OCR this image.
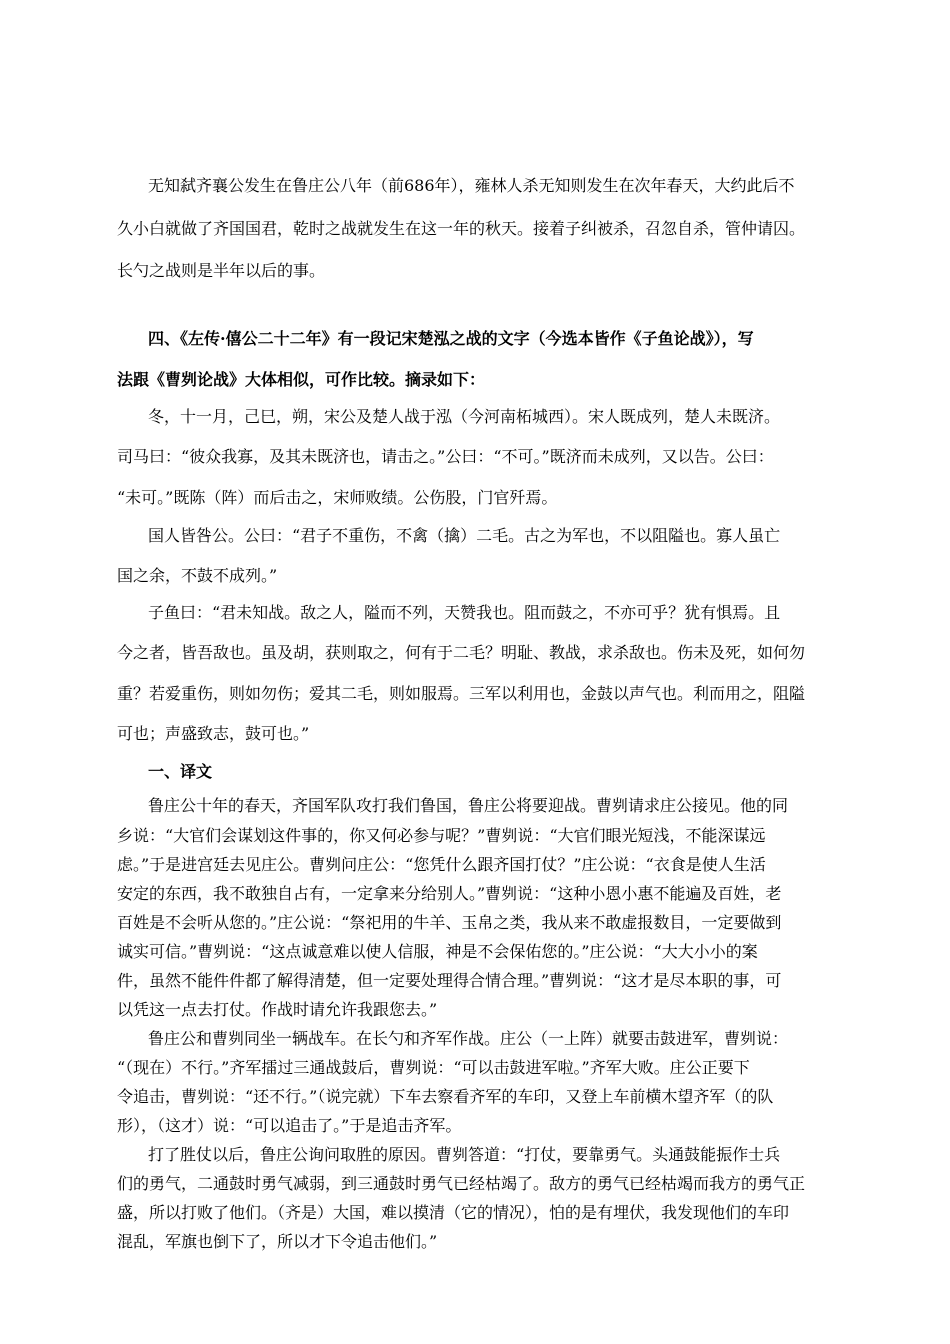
无知弑齐襄公发生在鲁庄公八年（前686年），雍林人杀无知则发生在次年春天，大约此后不

久小白就做了齐国国君，乾时之战就发生在这一年的秋天。接着子纠被杀，召忽自杀，管仲请囚。

长勺之战则是半年以后的事。

四、《左传·僖公二十二年》有一段记宋楚泓之战的文字（今选本皆作《子鱼论战》），写

法跟《曹刿论战》大体相似，可作比较。摘录如下：

冬，十一月，己巳，朔，宋公及楚人战于泓（今河南柘城西）。宋人既成列，楚人未既济。

司马曰：“彼众我寡，及其未既济也，请击之。”公曰：“不可。”既济而未成列，又以告。公曰：

“未可。”既陈（阵）而后击之，宋师败绩。公伤股，门官歼焉。

国人皆咎公。公曰：“君子不重伤，不禽（擒）二毛。古之为军也，不以阻隘也。寡人虽亡

国之余，不鼓不成列。”

子鱼曰：“君未知战。敌之人，隘而不列，天赞我也。阻而鼓之，不亦可乎？犹有惧焉。且

今之者，皆吾敌也。虽及胡，获则取之，何有于二毛？明耻、教战，求杀敌也。伤未及死，如何勿

重？若爱重伤，则如勿伤；爱其二毛，则如服焉。三军以利用也，金鼓以声气也。利而用之，阻隘

可也；声盛致志，鼓可也。”

一、译文

鲁庄公十年的春天，齐国军队攻打我们鲁国，鲁庄公将要迎战。曹刿请求庄公接见。他的同

乡说：“大官们会谋划这件事的，你又何必参与呢？”曹刿说：“大官们眼光短浅，不能深谋远

虑。”于是进宫廷去见庄公。曹刿问庄公：“您凭什么跟齐国打仗？”庄公说：“衣食是使人生活

安定的东西，我不敢独自占有，一定拿来分给别人。”曹刿说：“这种小恩小惠不能遍及百姓，老

百姓是不会听从您的。”庄公说：“祭祀用的牛羊、玉帛之类，我从来不敢虚报数目，一定要做到

诚实可信。”曹刿说：“这点诚意难以使人信服，神是不会保佑您的。”庄公说：“大大小小的案

件，虽然不能件件都了解得清楚，但一定要处理得合情合理。”曹刿说：“这才是尽本职的事，可

以凭这一点去打仗。作战时请允许我跟您去。”

鲁庄公和曹刿同坐一辆战车。在长勺和齐军作战。庄公（一上阵）就要击鼓进军，曹刿说：

“（现在）不行。”齐军擂过三通战鼓后，曹刿说：“可以击鼓进军啦。”齐军大败。庄公正要下

令追击，曹刿说：“还不行。”（说完就）下车去察看齐军的车印，又登上车前横木望齐军（的队

形），（这才）说：“可以追击了。”于是追击齐军。

打了胜仗以后，鲁庄公询问取胜的原因。曹刿答道：“打仗，要靠勇气。头通鼓能振作士兵

们的勇气，二通鼓时勇气减弱，到三通鼓时勇气已经枯竭了。敌方的勇气已经枯竭而我方的勇气正

盛，所以打败了他们。（齐是）大国，难以摸清（它的情况），怕的是有埋伏，我发现他们的车印

混乱，军旗也倒下了，所以才下令追击他们。”
